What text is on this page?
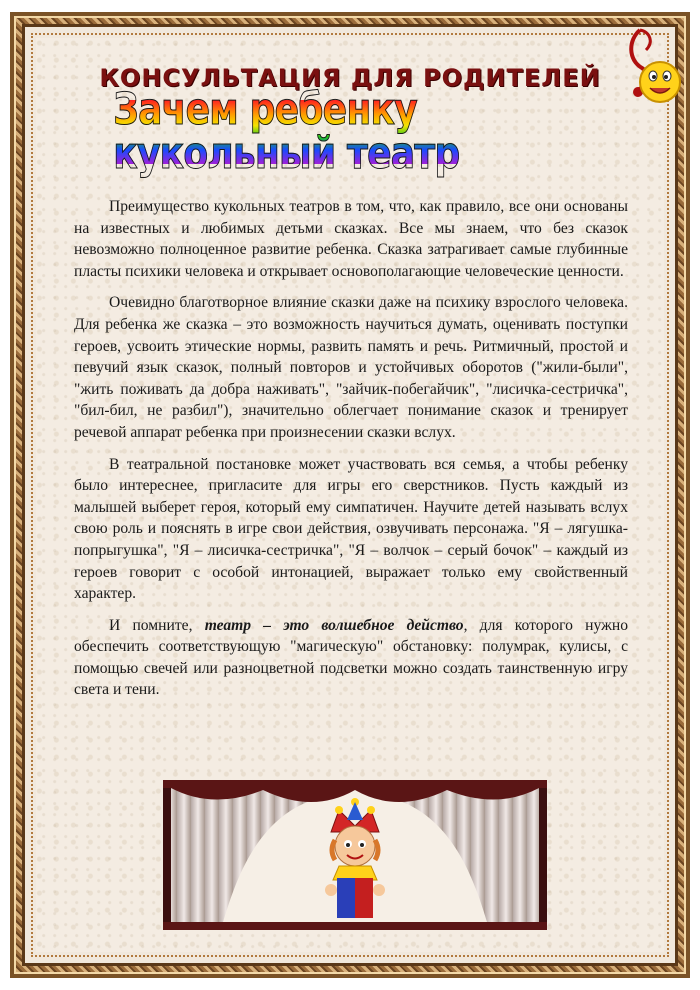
КОНСУЛЬТАЦИЯ ДЛЯ РОДИТЕЛЕЙ
Зачем ребенку кукольный театр

Преимущество кукольных театров в том, что, как правило, все они основаны на известных и любимых детьми сказках. Все мы знаем, что без сказок невозможно полноценное развитие ребенка. Сказка затрагивает самые глубинные пласты психики человека и открывает основополагающие человеческие ценности.

Очевидно благотворное влияние сказки даже на психику взрослого человека. Для ребенка же сказка – это возможность научиться думать, оценивать поступки героев, усвоить этические нормы, развить память и речь. Ритмичный, простой и певучий язык сказок, полный повторов и устойчивых оборотов ("жили-были", "жить поживать да добра наживать", "зайчик-побегайчик", "лисичка-сестричка", "бил-бил, не разбил"), значительно облегчает понимание сказок и тренирует речевой аппарат ребенка при произнесении сказки вслух.

В театральной постановке может участвовать вся семья, а чтобы ребенку было интереснее, пригласите для игры его сверстников. Пусть каждый из малышей выберет героя, который ему симпатичен. Научите детей называть вслух свою роль и пояснять в игре свои действия, озвучивать персонажа. "Я – лягушка-попрыгушка", "Я – лисичка-сестричка", "Я – волчок – серый бочок" – каждый из героев говорит с особой интонацией, выражает только ему свойственный характер.

И помните, театр – это волшебное действо, для которого нужно обеспечить соответствующую "магическую" обстановку: полумрак, кулисы, с помощью свечей или разноцветной подсветки можно создать таинственную игру света и тени.
